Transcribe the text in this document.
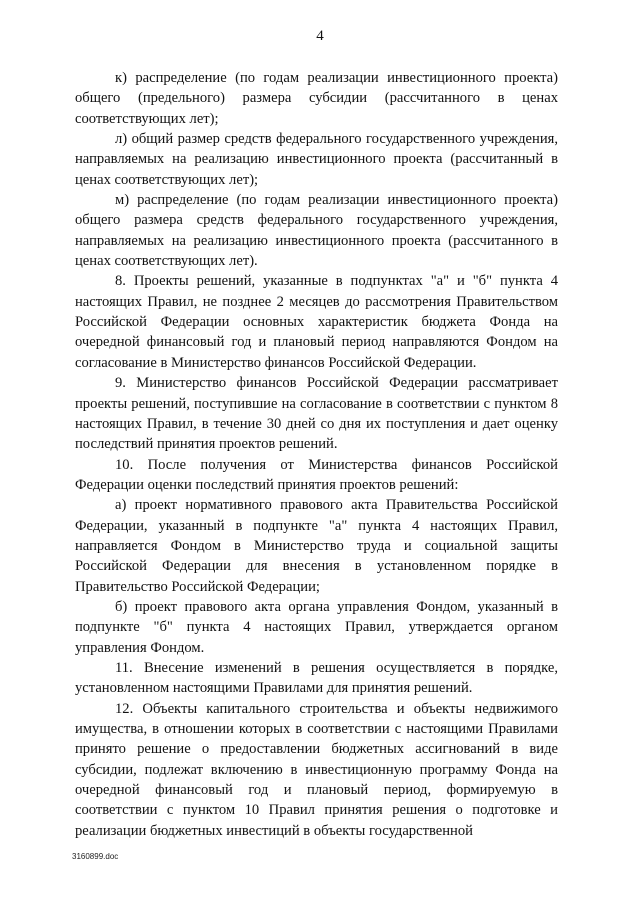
4

к) распределение (по годам реализации инвестиционного проекта) общего (предельного) размера субсидии (рассчитанного в ценах соответствующих лет);

л) общий размер средств федерального государственного учреждения, направляемых на реализацию инвестиционного проекта (рассчитанный в ценах соответствующих лет);

м) распределение (по годам реализации инвестиционного проекта) общего размера средств федерального государственного учреждения, направляемых на реализацию инвестиционного проекта (рассчитанного в ценах соответствующих лет).

8. Проекты решений, указанные в подпунктах "а" и "б" пункта 4 настоящих Правил, не позднее 2 месяцев до рассмотрения Правительством Российской Федерации основных характеристик бюджета Фонда на очередной финансовый год и плановый период направляются Фондом на согласование в Министерство финансов Российской Федерации.

9. Министерство финансов Российской Федерации рассматривает проекты решений, поступившие на согласование в соответствии с пунктом 8 настоящих Правил, в течение 30 дней со дня их поступления и дает оценку последствий принятия проектов решений.

10. После получения от Министерства финансов Российской Федерации оценки последствий принятия проектов решений:

а) проект нормативного правового акта Правительства Российской Федерации, указанный в подпункте "а" пункта 4 настоящих Правил, направляется Фондом в Министерство труда и социальной защиты Российской Федерации для внесения в установленном порядке в Правительство Российской Федерации;

б) проект правового акта органа управления Фондом, указанный в подпункте "б" пункта 4 настоящих Правил, утверждается органом управления Фондом.

11. Внесение изменений в решения осуществляется в порядке, установленном настоящими Правилами для принятия решений.

12. Объекты капитального строительства и объекты недвижимого имущества, в отношении которых в соответствии с настоящими Правилами принято решение о предоставлении бюджетных ассигнований в виде субсидии, подлежат включению в инвестиционную программу Фонда на очередной финансовый год и плановый период, формируемую в соответствии с пунктом 10 Правил принятия решения о подготовке и реализации бюджетных инвестиций в объекты государственной

3160899.doc
